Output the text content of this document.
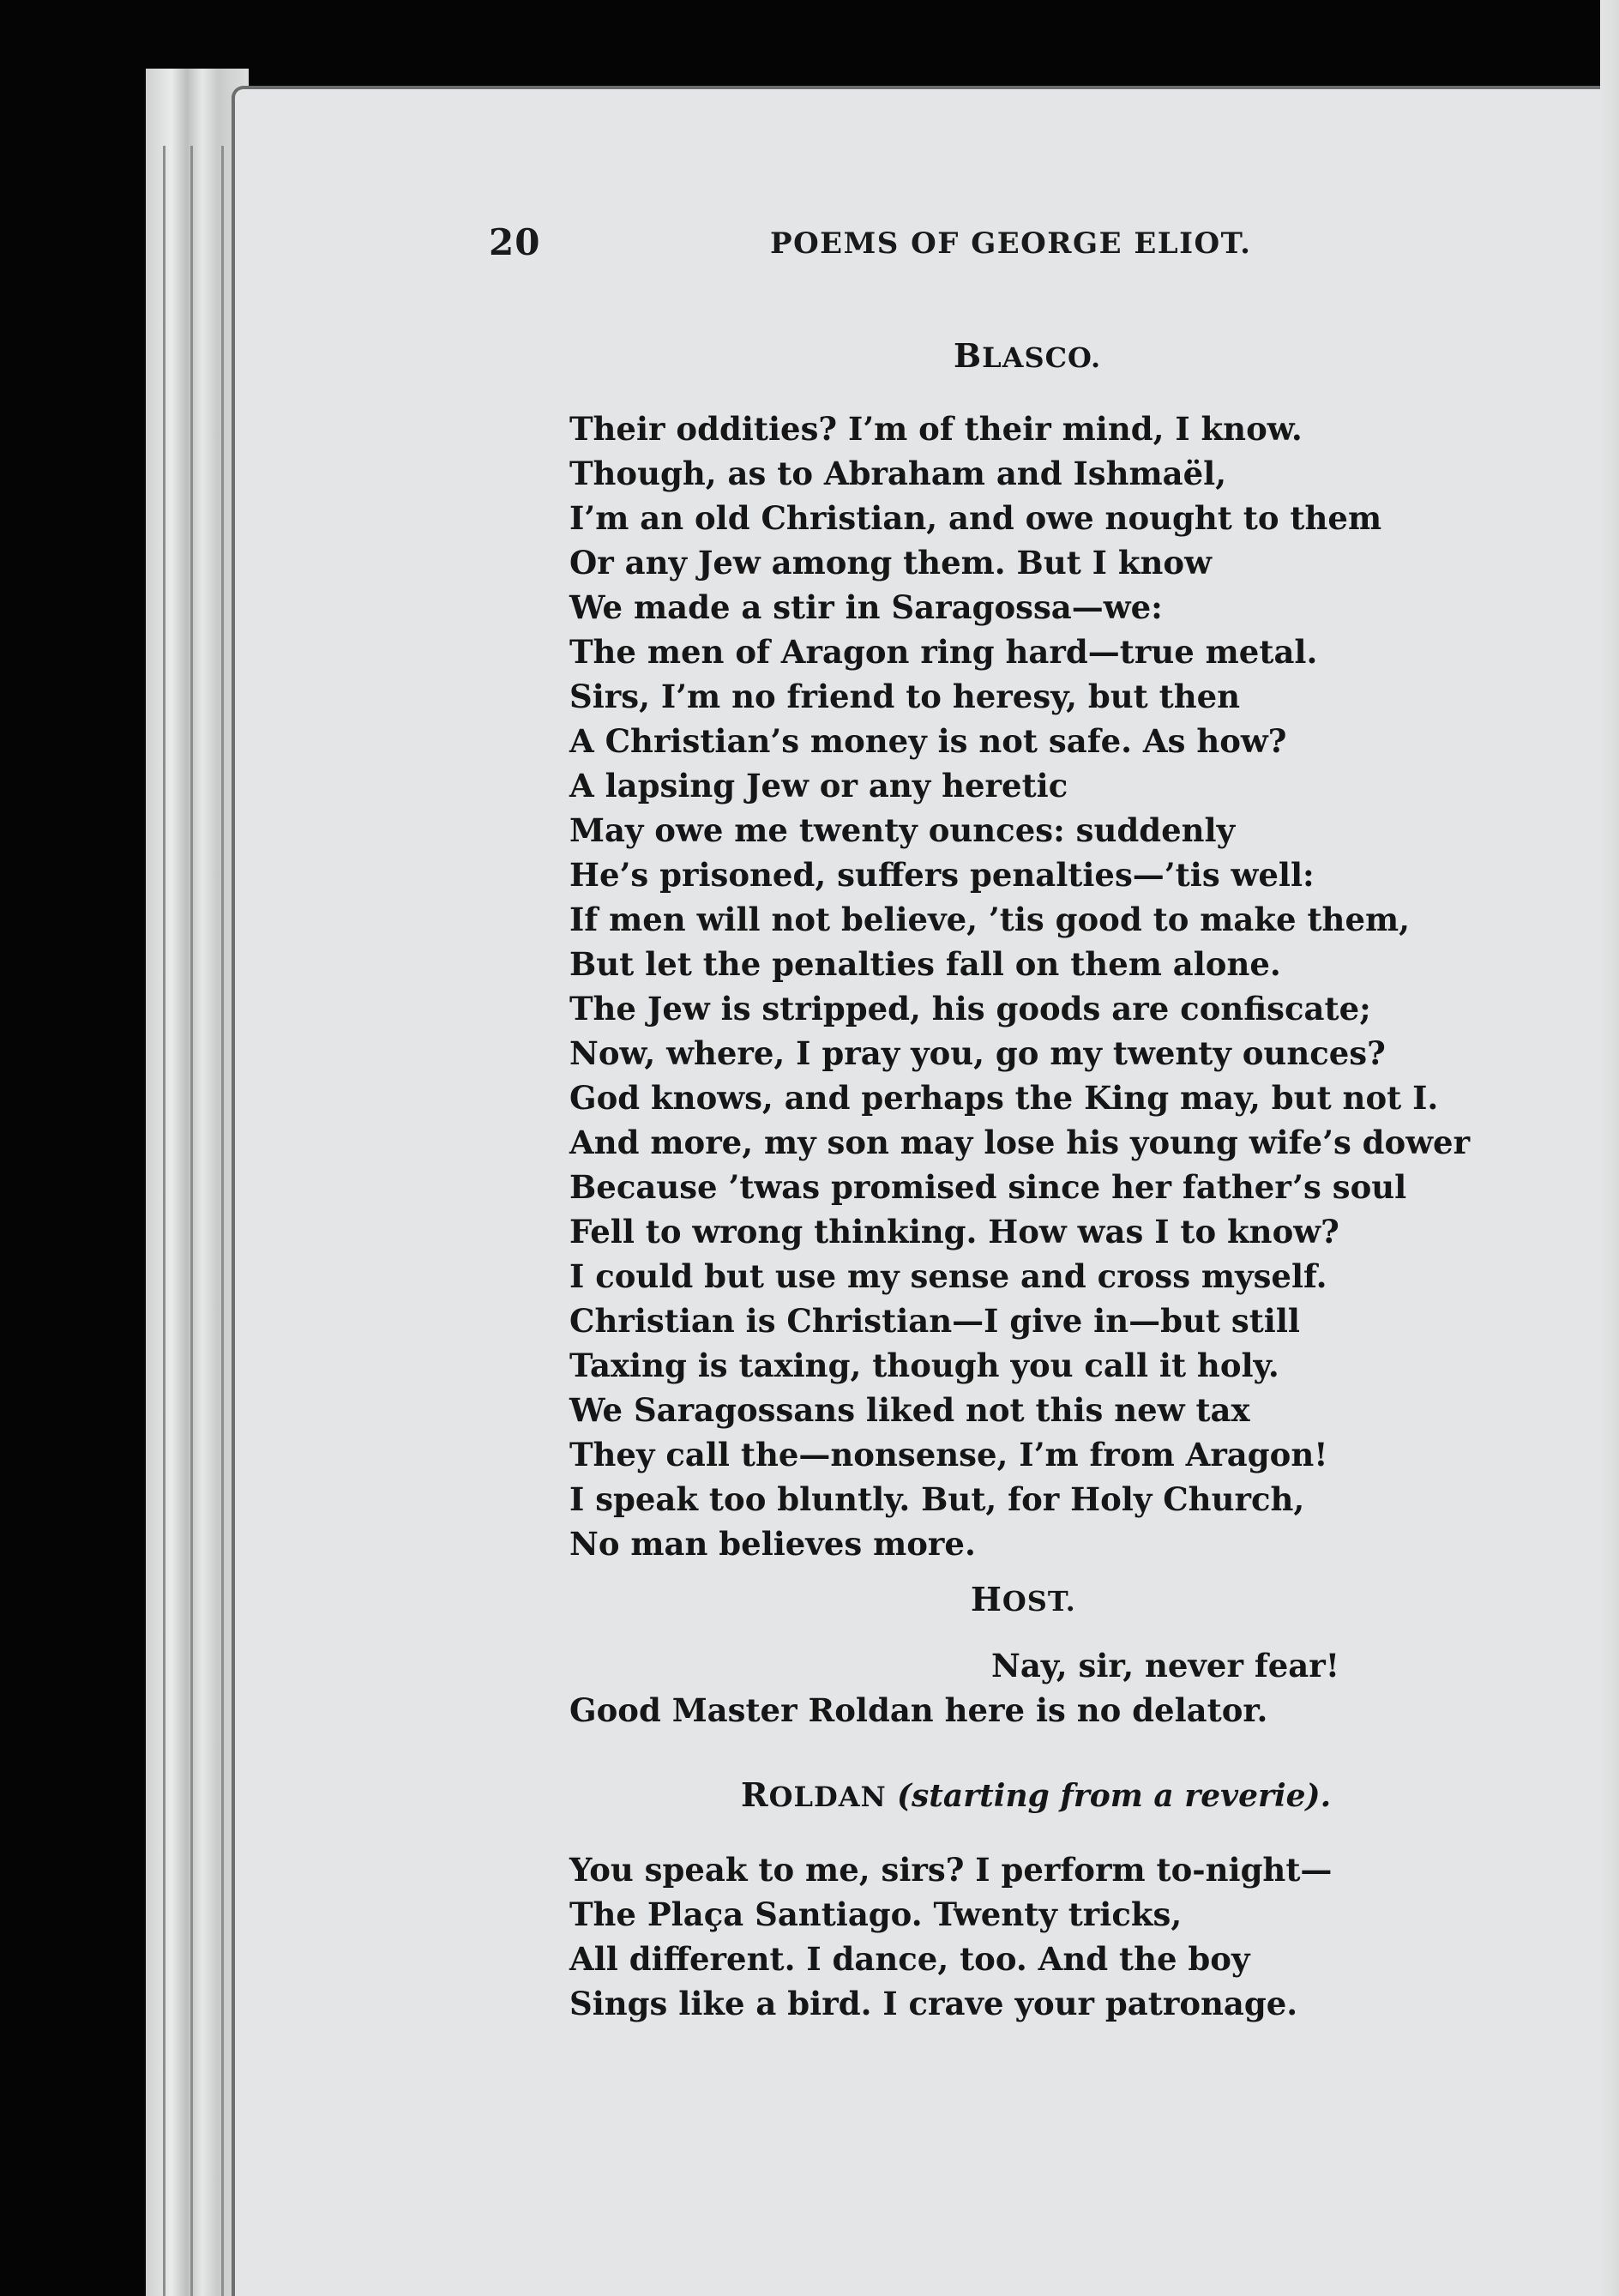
20	POEMS OF GEORGE ELIOT.
BLASCO.
Their oddities? I’m of their mind, I know.
Though, as to Abraham and Ishmaël,
I’m an old Christian, and owe nought to them
Or any Jew among them. But I know
We made a stir in Saragossa—we:
The men of Aragon ring hard—true metal.
Sirs, I’m no friend to heresy, but then
A Christian’s money is not safe. As how?
A lapsing Jew or any heretic
May owe me twenty ounces: suddenly
He’s prisoned, suffers penalties—’tis well:
If men will not believe, ’tis good to make them,
But let the penalties fall on them alone.
The Jew is stripped, his goods are confiscate;
Now, where, I pray you, go my twenty ounces?
God knows, and perhaps the King may, but not I.
And more, my son may lose his young wife’s dower
Because ’twas promised since her father’s soul
Fell to wrong thinking. How was I to know?
I could but use my sense and cross myself.
Christian is Christian—I give in—but still
Taxing is taxing, though you call it holy.
We Saragossans liked not this new tax
They call the—nonsense, I’m from Aragon!
I speak too bluntly. But, for Holy Church,
No man believes more.
HOST.
Nay, sir, never fear!
Good Master Roldan here is no delator.
ROLDAN (starting from a reverie).
You speak to me, sirs? I perform to-night—
The Plaça Santiago. Twenty tricks,
All different. I dance, too. And the boy
Sings like a bird. I crave your patronage.
